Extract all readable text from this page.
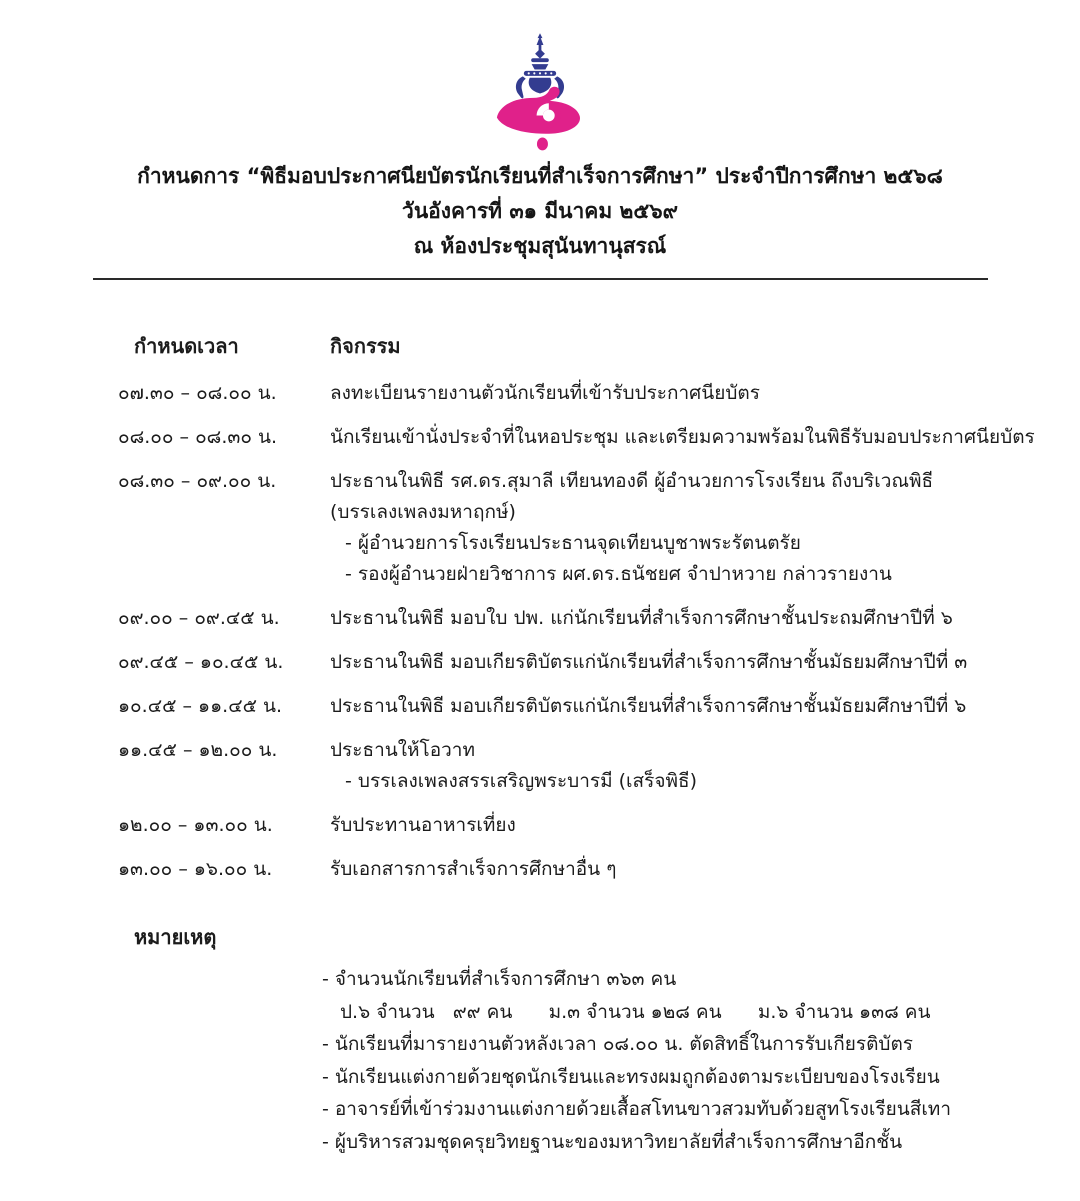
กำหนดการ “พิธีมอบประกาศนียบัตรนักเรียนที่สำเร็จการศึกษา” ประจำปีการศึกษา ๒๕๖๘
วันอังคารที่ ๓๑ มีนาคม ๒๕๖๙
ณ ห้องประชุมสุนันทานุสรณ์
กำหนดเวลา	กิจกรรม
๐๗.๓๐ – ๐๘.๐๐ น.	ลงทะเบียนรายงานตัวนักเรียนที่เข้ารับประกาศนียบัตร
๐๘.๐๐ – ๐๘.๓๐ น.	นักเรียนเข้านั่งประจำที่ในหอประชุม และเตรียมความพร้อมในพิธีรับมอบประกาศนียบัตร
๐๘.๓๐ – ๐๙.๐๐ น.	ประธานในพิธี รศ.ดร.สุมาลี เทียนทองดี ผู้อำนวยการโรงเรียน ถึงบริเวณพิธี
(บรรเลงเพลงมหาฤกษ์)
- ผู้อำนวยการโรงเรียนประธานจุดเทียนบูชาพระรัตนตรัย
- รองผู้อำนวยฝ่ายวิชาการ ผศ.ดร.ธนัชยศ จำปาหวาย กล่าวรายงาน
๐๙.๐๐ – ๐๙.๔๕ น.	ประธานในพิธี มอบใบ ปพ. แก่นักเรียนที่สำเร็จการศึกษาชั้นประถมศึกษาปีที่ ๖
๐๙.๔๕ – ๑๐.๔๕ น.	ประธานในพิธี มอบเกียรติบัตรแก่นักเรียนที่สำเร็จการศึกษาชั้นมัธยมศึกษาปีที่ ๓
๑๐.๔๕ – ๑๑.๔๕ น.	ประธานในพิธี มอบเกียรติบัตรแก่นักเรียนที่สำเร็จการศึกษาชั้นมัธยมศึกษาปีที่ ๖
๑๑.๔๕ – ๑๒.๐๐ น.	ประธานให้โอวาท
- บรรเลงเพลงสรรเสริญพระบารมี (เสร็จพิธี)
๑๒.๐๐ – ๑๓.๐๐ น.	รับประทานอาหารเที่ยง
๑๓.๐๐ – ๑๖.๐๐ น.	รับเอกสารการสำเร็จการศึกษาอื่น ๆ
หมายเหตุ
- จำนวนนักเรียนที่สำเร็จการศึกษา ๓๖๓ คน
ป.๖ จำนวน   ๙๙ คน      ม.๓ จำนวน ๑๒๘ คน      ม.๖ จำนวน ๑๓๘ คน
- นักเรียนที่มารายงานตัวหลังเวลา ๐๘.๐๐ น. ตัดสิทธิ์ในการรับเกียรติบัตร
- นักเรียนแต่งกายด้วยชุดนักเรียนและทรงผมถูกต้องตามระเบียบของโรงเรียน
- อาจารย์ที่เข้าร่วมงานแต่งกายด้วยเสื้อสโทนขาวสวมทับด้วยสูทโรงเรียนสีเทา
- ผู้บริหารสวมชุดครุยวิทยฐานะของมหาวิทยาลัยที่สำเร็จการศึกษาอีกชั้น
